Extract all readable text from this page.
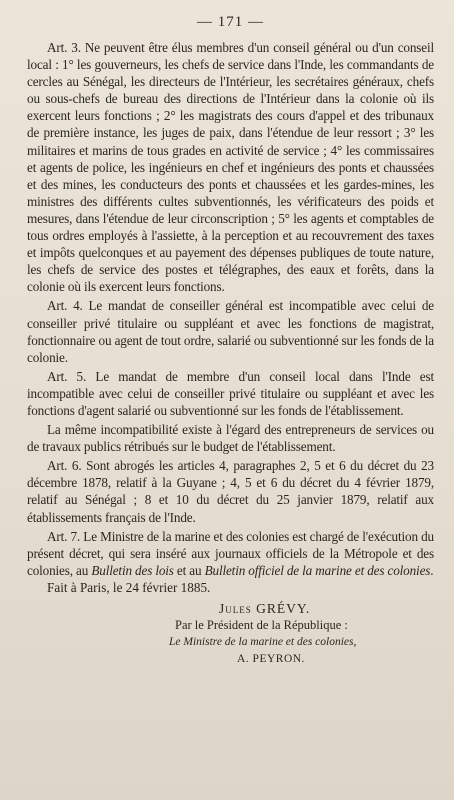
— 171 —

Art. 3. Ne peuvent être élus membres d'un conseil général ou d'un conseil local : 1° les gouverneurs, les chefs de service dans l'Inde, les commandants de cercles au Sénégal, les directeurs de l'Intérieur, les secrétaires généraux, chefs ou sous-chefs de bureau des directions de l'Intérieur dans la colonie où ils exercent leurs fonctions ; 2° les magistrats des cours d'appel et des tribunaux de première instance, les juges de paix, dans l'étendue de leur ressort ; 3° les militaires et marins de tous grades en activité de service ; 4° les commissaires et agents de police, les ingénieurs en chef et ingénieurs des ponts et chaussées et des mines, les conducteurs des ponts et chaussées et les gardes-mines, les ministres des différents cultes subventionnés, les vérificateurs des poids et mesures, dans l'étendue de leur circonscription ; 5° les agents et comptables de tous ordres employés à l'assiette, à la perception et au recouvrement des taxes et impôts quelconques et au payement des dépenses publiques de toute nature, les chefs de service des postes et télégraphes, des eaux et forêts, dans la colonie où ils exercent leurs fonctions.

Art. 4. Le mandat de conseiller général est incompatible avec celui de conseiller privé titulaire ou suppléant et avec les fonctions de magistrat, fonctionnaire ou agent de tout ordre, salarié ou subventionné sur les fonds de la colonie.

Art. 5. Le mandat de membre d'un conseil local dans l'Inde est incompatible avec celui de conseiller privé titulaire ou suppléant et avec les fonctions d'agent salarié ou subventionné sur les fonds de l'établissement.

La même incompatibilité existe à l'égard des entrepreneurs de services ou de travaux publics rétribués sur le budget de l'établissement.

Art. 6. Sont abrogés les articles 4, paragraphes 2, 5 et 6 du décret du 23 décembre 1878, relatif à la Guyane ; 4, 5 et 6 du décret du 4 février 1879, relatif au Sénégal ; 8 et 10 du décret du 25 janvier 1879, relatif aux établissements français de l'Inde.

Art. 7. Le Ministre de la marine et des colonies est chargé de l'exécution du présent décret, qui sera inséré aux journaux officiels de la Métropole et des colonies, au Bulletin des lois et au Bulletin officiel de la marine et des colonies.

Fait à Paris, le 24 février 1885.
Jules GRÉVY.
Par le Président de la République :
Le Ministre de la marine et des colonies,
A. PEYRON.
